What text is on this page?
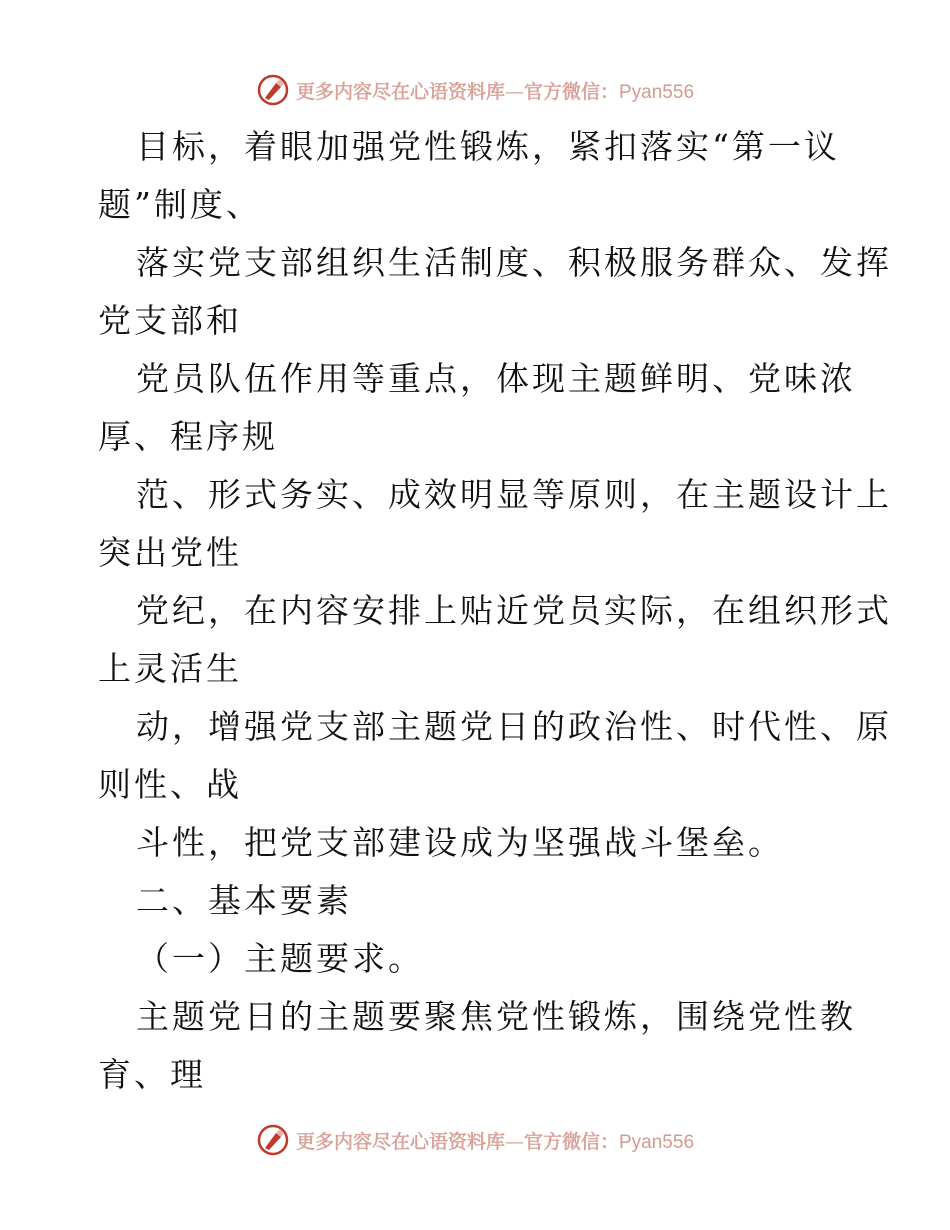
更多内容尽在心语资料库—官方微信：Pyan556
目标，着眼加强党性锻炼，紧扣落实“第一议
题”制度、
落实党支部组织生活制度、积极服务群众、发挥
党支部和
党员队伍作用等重点，体现主题鲜明、党味浓
厚、程序规
范、形式务实、成效明显等原则，在主题设计上
突出党性
党纪，在内容安排上贴近党员实际，在组织形式
上灵活生
动，增强党支部主题党日的政治性、时代性、原
则性、战
斗性，把党支部建设成为坚强战斗堡垒。
二、基本要素
（一）主题要求。
主题党日的主题要聚焦党性锻炼，围绕党性教
育、理
更多内容尽在心语资料库—官方微信：Pyan556
